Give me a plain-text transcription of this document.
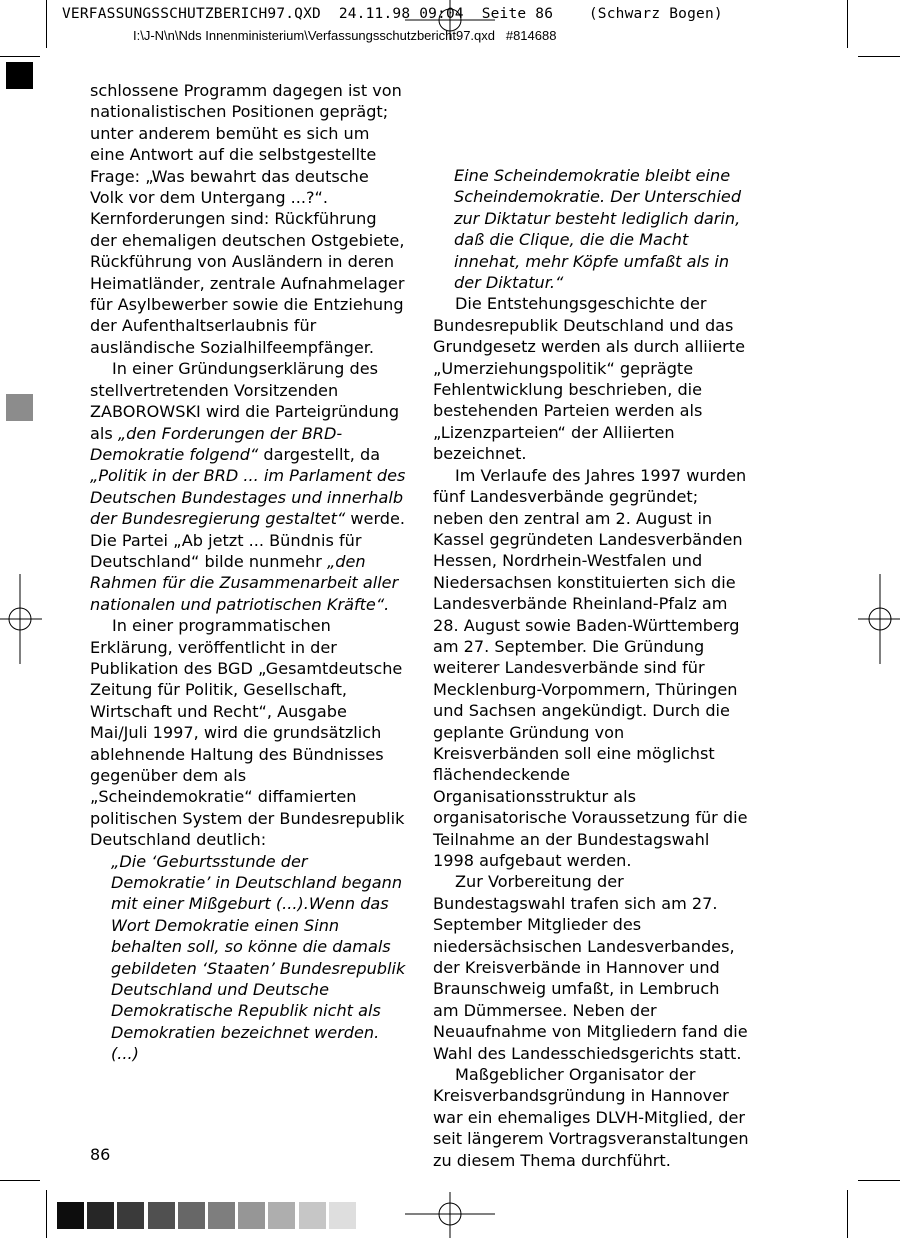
VERFASSUNGSSCHUTZBERICH97.QXD  24.11.98 09:04  Seite 86    (Schwarz Bogen)
I:\J-N\n\Nds Innenministerium\Verfassungsschutzbericht97.qxd   #814688

schlossene Programm dagegen ist von nationalistischen Positionen geprägt; unter anderem bemüht es sich um eine Antwort auf die selbstgestellte Frage: „Was bewahrt das deutsche Volk vor dem Untergang ...?“. Kernforderungen sind: Rückführung der ehemaligen deutschen Ostgebiete, Rückführung von Ausländern in deren Heimatländer, zentrale Aufnahmelager für Asylbewerber sowie die Entziehung der Aufenthaltserlaubnis für ausländische Sozialhilfeempfänger.

In einer Gründungserklärung des stellvertretenden Vorsitzenden ZABOROWSKI wird die Parteigründung als „den Forderungen der BRD-Demokratie folgend“ dargestellt, da „Politik in der BRD ... im Parlament des Deutschen Bundestages und innerhalb der Bundesregierung gestaltet“ werde. Die Partei „Ab jetzt ... Bündnis für Deutschland“ bilde nunmehr „den Rahmen für die Zusammenarbeit aller nationalen und patriotischen Kräfte“.

In einer programmatischen Erklärung, veröffentlicht in der Publikation des BGD „Gesamtdeutsche Zeitung für Politik, Gesellschaft, Wirtschaft und Recht“, Ausgabe Mai/Juli 1997, wird die grundsätzlich ablehnende Haltung des Bündnisses gegenüber dem als „Scheindemokratie“ diffamierten politischen System der Bundesrepublik Deutschland deutlich:

„Die ‘Geburtsstunde der Demokratie’ in Deutschland begann mit einer Mißgeburt (...).Wenn das Wort Demokratie einen Sinn behalten soll, so könne die damals gebildeten ‘Staaten’ Bundesrepublik Deutschland und Deutsche Demokratische Republik nicht als Demokratien bezeichnet werden. (...)

Eine Scheindemokratie bleibt eine Scheindemokratie. Der Unterschied zur Diktatur besteht lediglich darin, daß die Clique, die die Macht innehat, mehr Köpfe umfaßt als in der Diktatur.“

Die Entstehungsgeschichte der Bundesrepublik Deutschland und das Grundgesetz werden als durch alliierte „Umerziehungspolitik“ geprägte Fehlentwicklung beschrieben, die bestehenden Parteien werden als „Lizenzparteien“ der Alliierten bezeichnet.

Im Verlaufe des Jahres 1997 wurden fünf Landesverbände gegründet; neben den zentral am 2. August in Kassel gegründeten Landesverbänden Hessen, Nordrhein-Westfalen und Niedersachsen konstituierten sich die Landesverbände Rheinland-Pfalz am 28. August sowie Baden-Württemberg am 27. September. Die Gründung weiterer Landesverbände sind für Mecklenburg-Vorpommern, Thüringen und Sachsen angekündigt. Durch die geplante Gründung von Kreisverbänden soll eine möglichst flächendeckende Organisationsstruktur als organisatorische Voraussetzung für die Teilnahme an der Bundestagswahl 1998 aufgebaut werden.

Zur Vorbereitung der Bundestagswahl trafen sich am 27. September Mitglieder des niedersächsischen Landesverbandes, der Kreisverbände in Hannover und Braunschweig umfaßt, in Lembruch am Dümmersee. Neben der Neuaufnahme von Mitgliedern fand die Wahl des Landesschiedsgerichts statt.

Maßgeblicher Organisator der Kreisverbandsgründung in Hannover war ein ehemaliges DLVH-Mitglied, der seit längerem Vortragsveranstaltungen zu diesem Thema durchführt.

86
